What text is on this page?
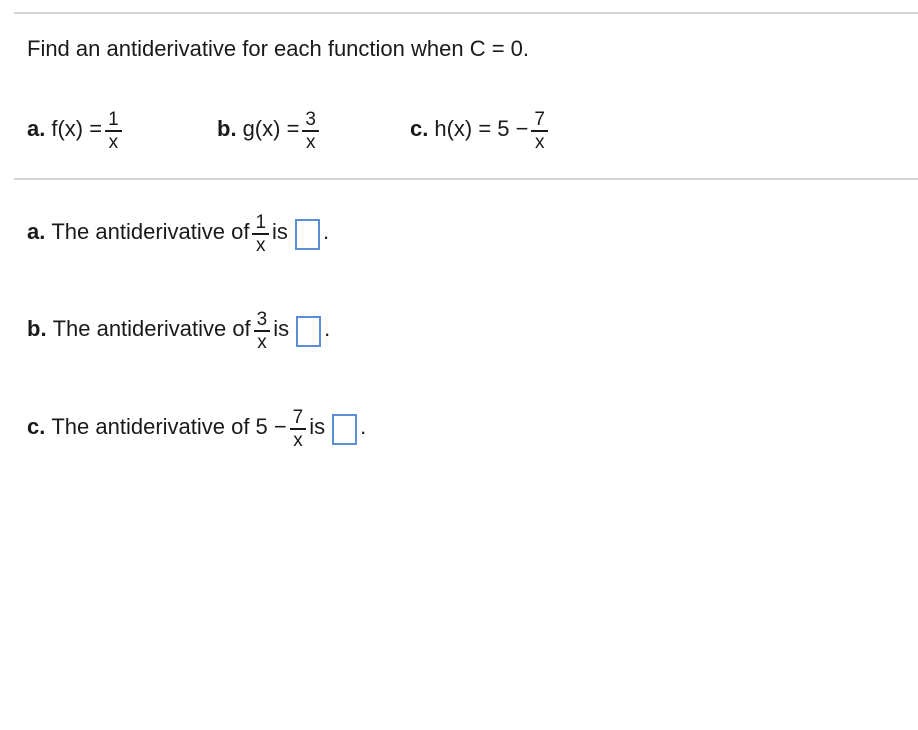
Find an antiderivative for each function when C = 0.
a. $f(x) = \frac{1}{x}$	b. $g(x) = \frac{3}{x}$	c. $h(x) = 5 - \frac{7}{x}$
a. The antiderivative of $\frac{1}{x}$ is .
b. The antiderivative of $\frac{3}{x}$ is .
c. The antiderivative of $5 - \frac{7}{x}$ is .
